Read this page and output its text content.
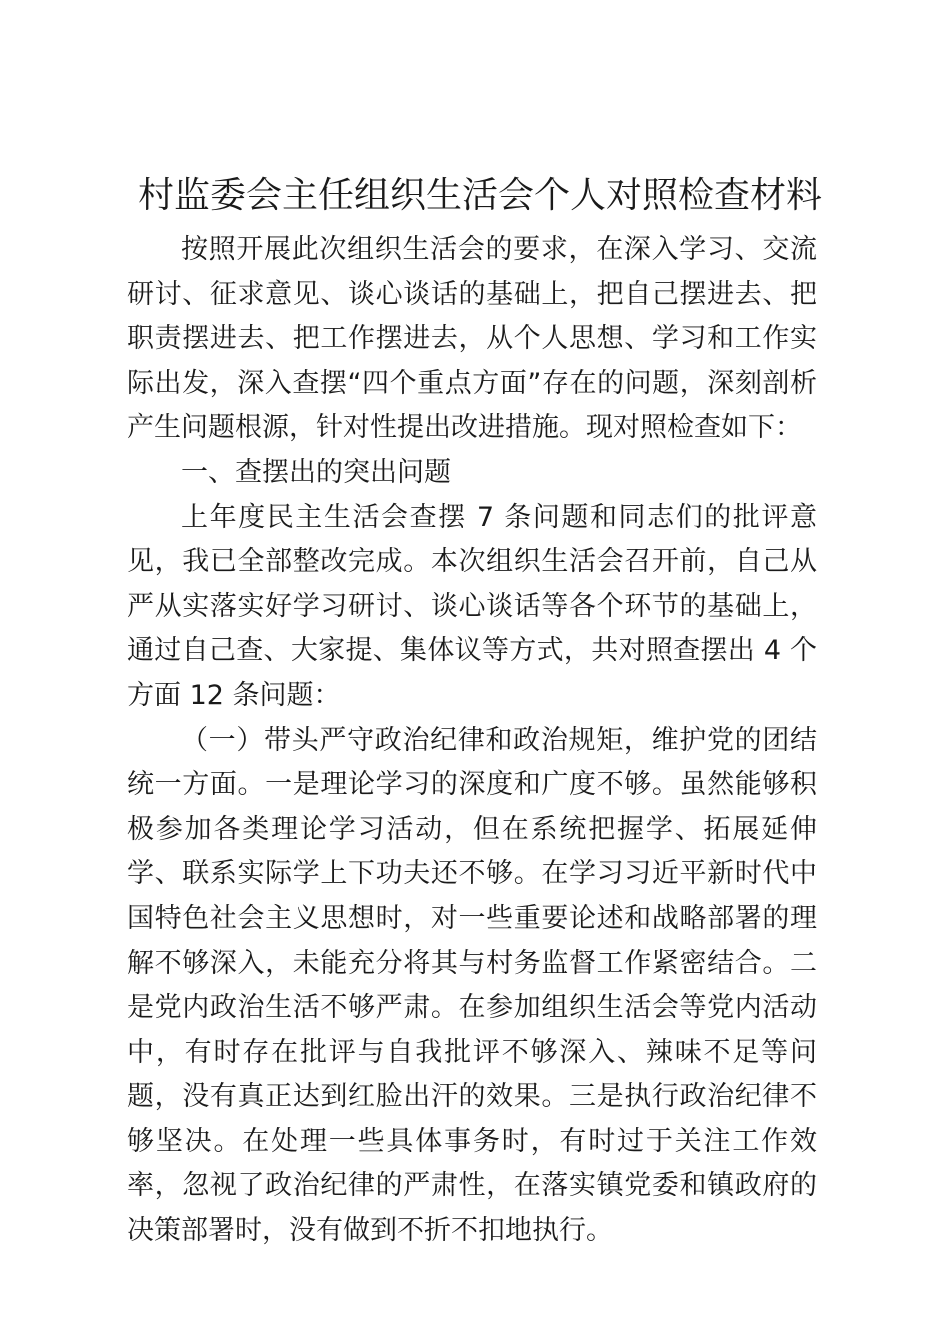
村监委会主任组织生活会个人对照检查材料

按照开展此次组织生活会的要求，在深入学习、交流研讨、征求意见、谈心谈话的基础上，把自己摆进去、把职责摆进去、把工作摆进去，从个人思想、学习和工作实际出发，深入查摆“四个重点方面”存在的问题，深刻剖析产生问题根源，针对性提出改进措施。现对照检查如下：

一、查摆出的突出问题

上年度民主生活会查摆 7 条问题和同志们的批评意见，我已全部整改完成。本次组织生活会召开前，自己从严从实落实好学习研讨、谈心谈话等各个环节的基础上，通过自己查、大家提、集体议等方式，共对照查摆出 4 个方面 12 条问题：

（一）带头严守政治纪律和政治规矩，维护党的团结统一方面。一是理论学习的深度和广度不够。虽然能够积极参加各类理论学习活动，但在系统把握学、拓展延伸学、联系实际学上下功夫还不够。在学习习近平新时代中国特色社会主义思想时，对一些重要论述和战略部署的理解不够深入，未能充分将其与村务监督工作紧密结合。二是党内政治生活不够严肃。在参加组织生活会等党内活动中，有时存在批评与自我批评不够深入、辣味不足等问题，没有真正达到红脸出汗的效果。三是执行政治纪律不够坚决。在处理一些具体事务时，有时过于关注工作效率，忽视了政治纪律的严肃性，在落实镇党委和镇政府的决策部署时，没有做到不折不扣地执行。
